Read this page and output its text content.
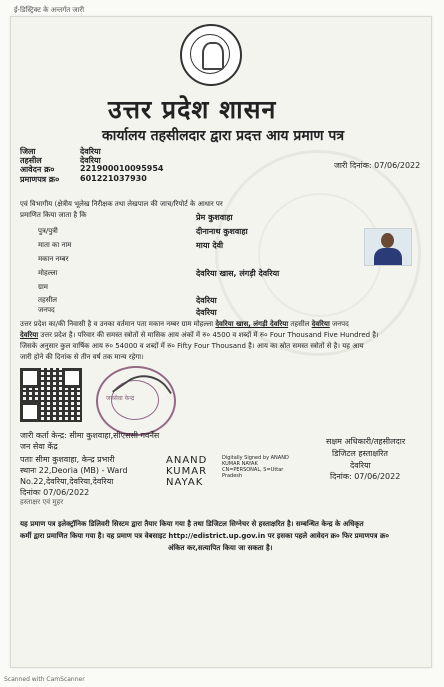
ई-डिस्ट्रिक्ट के अन्तर्गत जारी
उत्तर प्रदेश शासन
कार्यालय तहसीलदार द्वारा प्रदत्त आय प्रमाण पत्र
जिला	देवरिया
तहसील	देवरिया
आवेदन क्र०	221900010095954
प्रमाणपत्र क्र०	601221037930
जारी दिनांक: 07/06/2022
एवं विभागीय (क्षेत्रीय भूलेख निरीक्षक तथा लेखपाल की जाच/रिपोर्ट के आधार पर
प्रमाणित किया जाता है कि	प्रेम कुशवाहा
पुत्र/पुत्री	दीनानाथ कुशवाहा
माता का नाम	माया देवी
मकान नम्बर
मोहल्ला	देवरिया खास, लंगड़ी देवरिया
ग्राम
तहसील	देवरिया
जनपद	देवरिया
उत्तर प्रदेश का/की निवासी है व उनका वर्तमान पता मकान नम्बर ग्राम मोहल्ला देवरिया खास, लंगड़ी देवरिया तहसील देवरिया जनपद
देवरिया उत्तर प्रदेश है। परिवार की समस्त स्त्रोतों से मासिक आय अंकों में रु० 4500 व शब्दों में रु० Four Thousand Five Hundred है।
जिसके अनुसार कुल वार्षिक आय रु० 54000 व शब्दों में रु० Fifty Four Thousand है। आय का स्रोत समस्त स्त्रोतों से है। यह आय
जारी होने की दिनांक से तीन वर्ष तक मान्य रहेगा।
जनसेवा केन्द्र
जारी कर्ता केन्द्र: सीमा कुशवाहा,सीएससी गवर्नेंस
जन सेवा केंद्र
पताः सीमा कुशवाहा, केन्द्र प्रभारी
स्थानः 22,Deoria (MB) - Ward
No.22,देवरिया,देवरिया,देवरिया
दिनांकः 07/06/2022
हस्ताक्षर एवं मुहर
ANAND
KUMAR
NAYAK
Digitally Signed by ANAND
KUMAR NAYAK
CN=PERSONAL, S=Uttar
Pradesh
सक्षम अधिकारी/तहसीलदार
डिजिटल हस्ताक्षरित
देवरिया
दिनांक: 07/06/2022
यह प्रमाण पत्र इलेक्ट्रॉनिक डिलिवरी सिस्टम द्वारा तैयार किया गया है तथा डिजिटल सिग्नेचर से हस्ताक्षरित है। सम्बन्धित केन्द्र के अधिकृत
कर्मी द्वारा प्रमाणित किया गया है। यह प्रमाण पत्र वेबसाइट http://edistrict.up.gov.in पर इसका पहले आवेदन क्र० फिर प्रमाणपत्र क्र०
अंकित कर,सत्यापित किया जा सकता है।
Scanned with CamScanner
